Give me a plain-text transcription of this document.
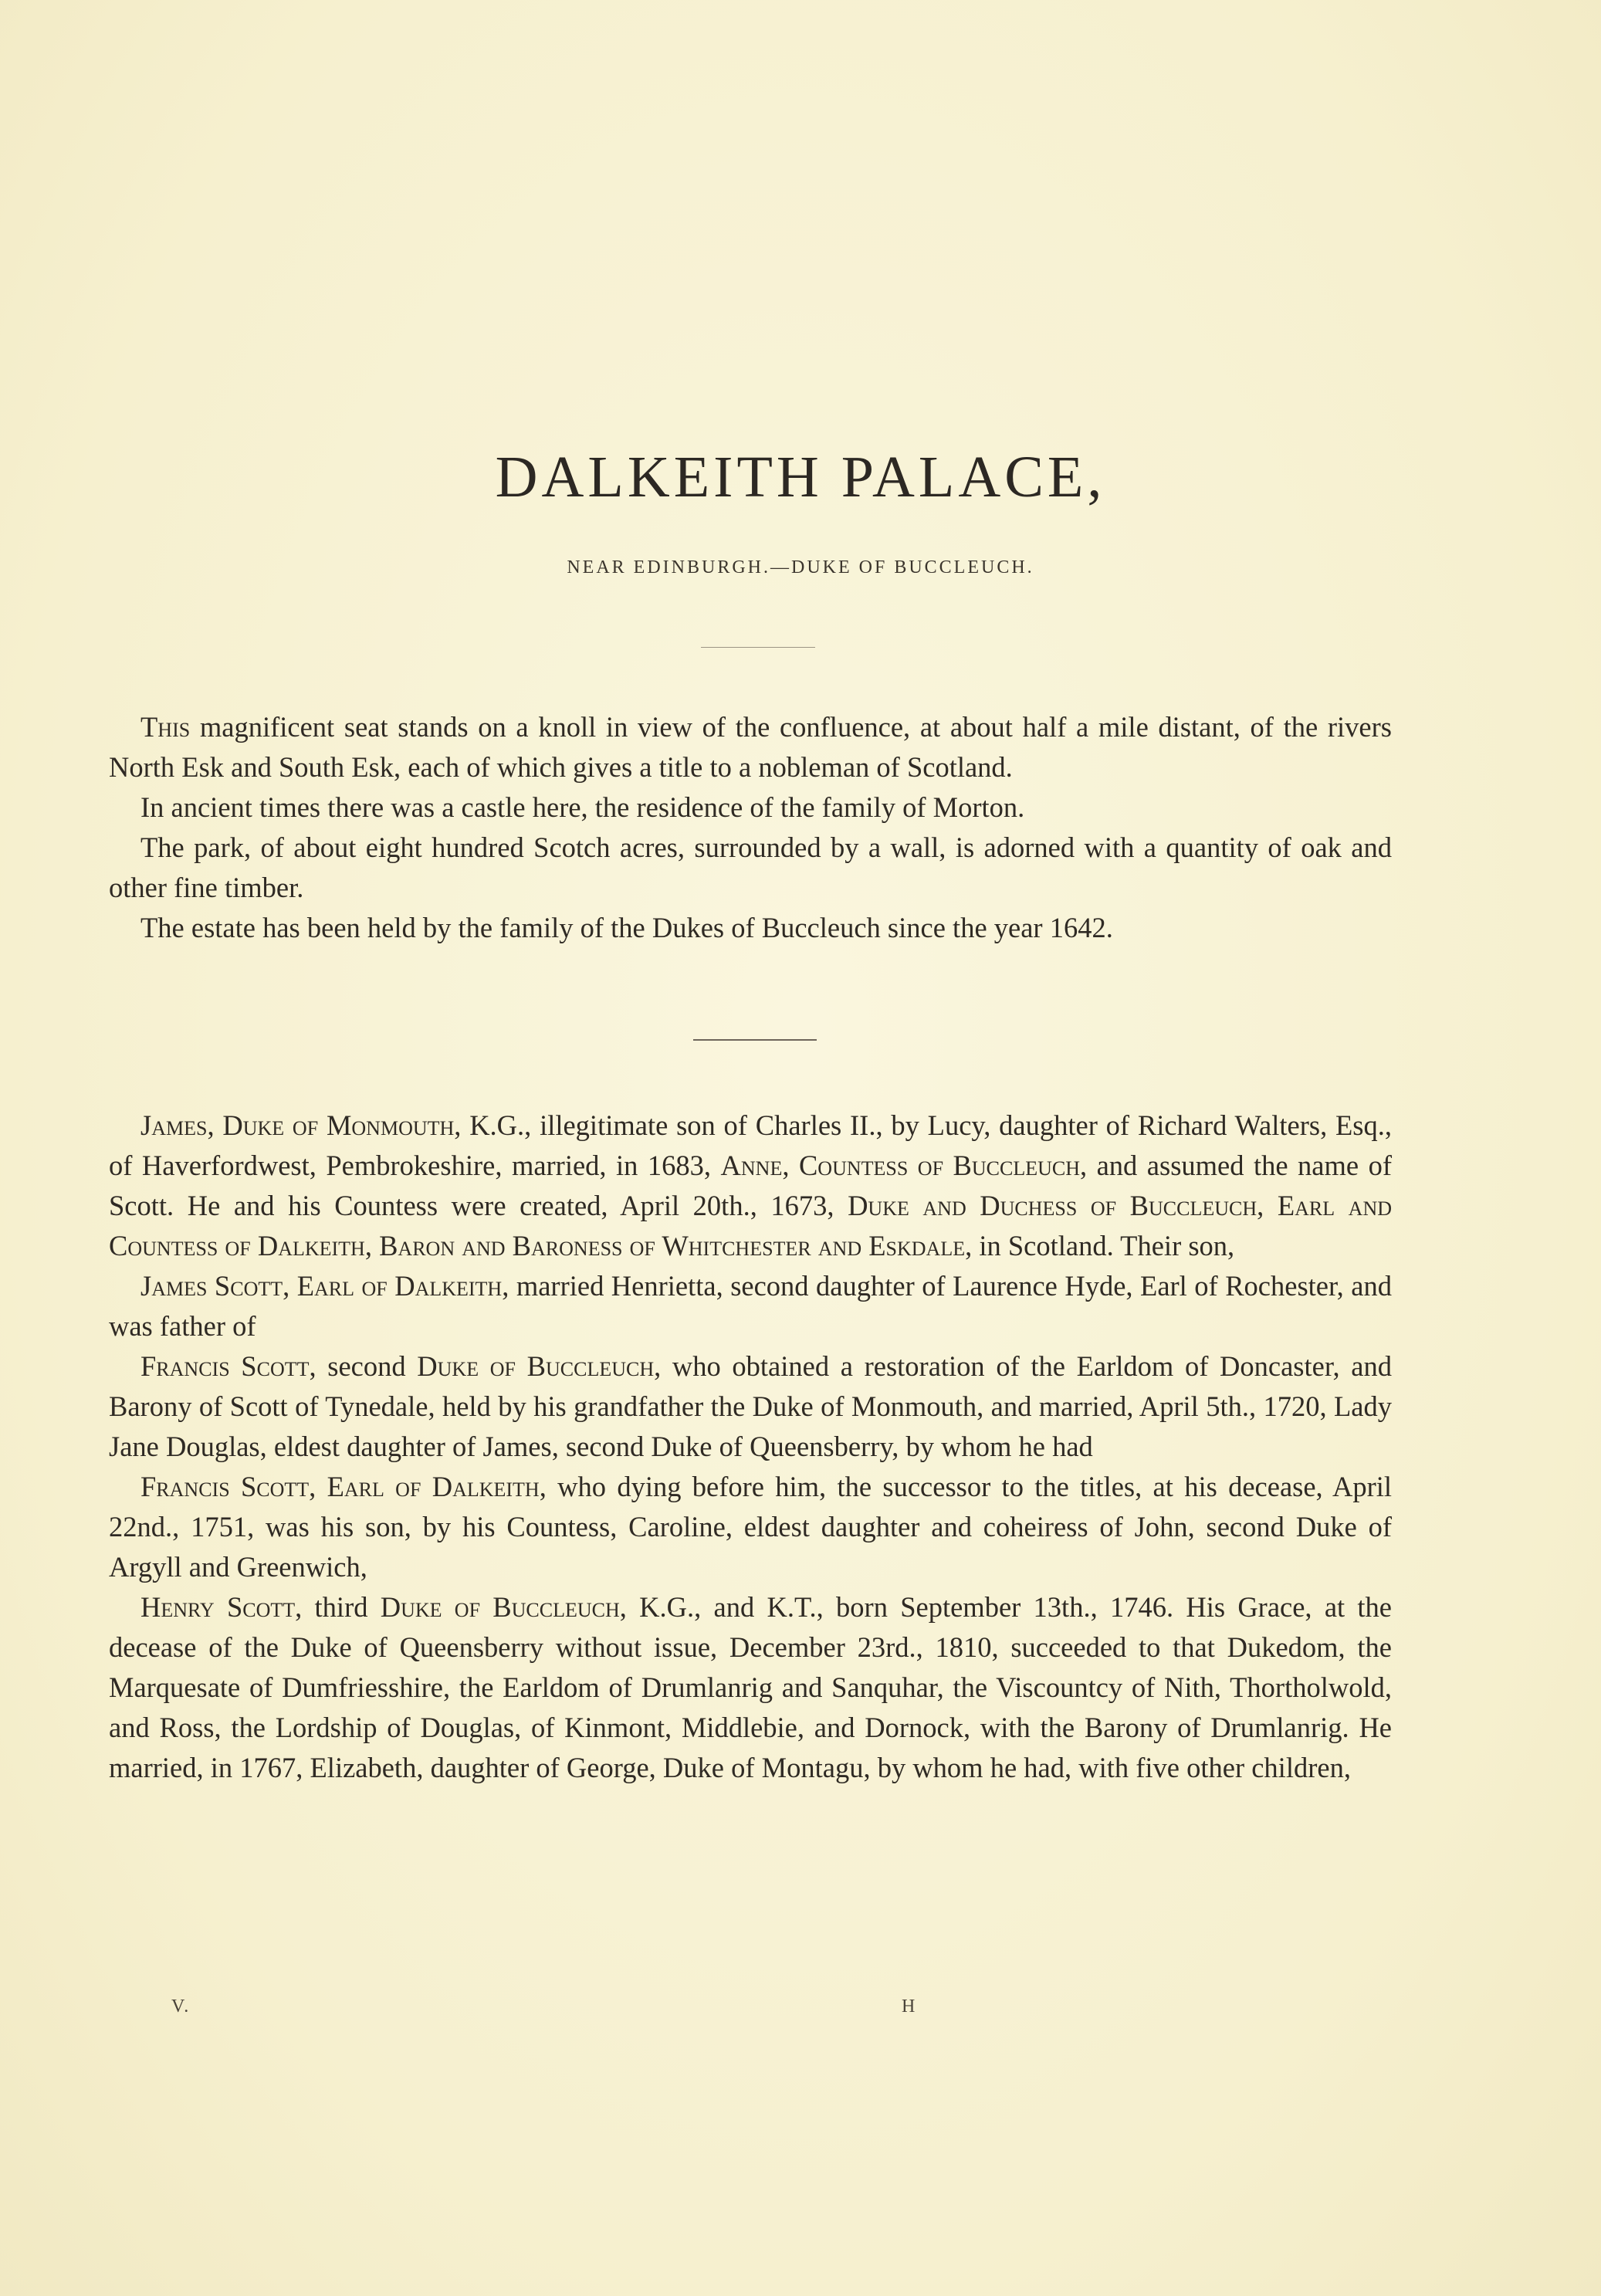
DALKEITH PALACE,
NEAR EDINBURGH.—DUKE OF BUCCLEUCH.

This magnificent seat stands on a knoll in view of the confluence, at about half a mile distant, of the rivers North Esk and South Esk, each of which gives a title to a nobleman of Scotland.

In ancient times there was a castle here, the residence of the family of Morton.

The park, of about eight hundred Scotch acres, surrounded by a wall, is adorned with a quantity of oak and other fine timber.

The estate has been held by the family of the Dukes of Buccleuch since the year 1642.

James, Duke of Monmouth, K.G., illegitimate son of Charles II., by Lucy, daughter of Richard Walters, Esq., of Haverfordwest, Pembrokeshire, married, in 1683, Anne, Countess of Buccleuch, and assumed the name of Scott. He and his Countess were created, April 20th., 1673, Duke and Duchess of Buccleuch, Earl and Countess of Dalkeith, Baron and Baroness of Whitchester and Eskdale, in Scotland. Their son,

James Scott, Earl of Dalkeith, married Henrietta, second daughter of Laurence Hyde, Earl of Rochester, and was father of

Francis Scott, second Duke of Buccleuch, who obtained a restoration of the Earldom of Doncaster, and Barony of Scott of Tynedale, held by his grandfather the Duke of Monmouth, and married, April 5th., 1720, Lady Jane Douglas, eldest daughter of James, second Duke of Queensberry, by whom he had

Francis Scott, Earl of Dalkeith, who dying before him, the successor to the titles, at his decease, April 22nd., 1751, was his son, by his Countess, Caroline, eldest daughter and coheiress of John, second Duke of Argyll and Greenwich,

Henry Scott, third Duke of Buccleuch, K.G., and K.T., born September 13th., 1746. His Grace, at the decease of the Duke of Queensberry without issue, December 23rd., 1810, succeeded to that Dukedom, the Marquesate of Dumfriesshire, the Earldom of Drumlanrig and Sanquhar, the Viscountcy of Nith, Thortholwold, and Ross, the Lordship of Douglas, of Kinmont, Middlebie, and Dornock, with the Barony of Drumlanrig. He married, in 1767, Elizabeth, daughter of George, Duke of Montagu, by whom he had, with five other children,

V.	H
